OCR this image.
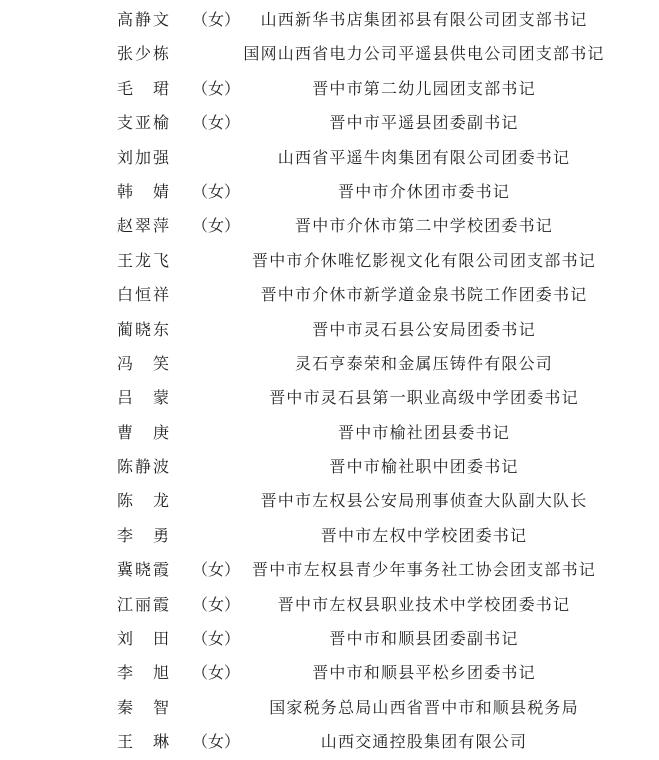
高静文 （女） 山西新华书店集团祁县有限公司团支部书记
张少栋	国网山西省电力公司平遥县供电公司团支部书记
毛　珺 （女）	晋中市第二幼儿园团支部书记
支亚榆 （女）	晋中市平遥县团委副书记
刘加强	山西省平遥牛肉集团有限公司团委书记
韩　婧 （女）	晋中市介休团市委书记
赵翠萍 （女）	晋中市介休市第二中学校团委书记
王龙飞	晋中市介休唯忆影视文化有限公司团支部书记
白恒祥	晋中市介休市新学道金泉书院工作团委书记
蔺晓东	晋中市灵石县公安局团委书记
冯　笑	灵石亨泰荣和金属压铸件有限公司
吕　蒙	晋中市灵石县第一职业高级中学团委书记
曹　庚	晋中市榆社团县委书记
陈静波	晋中市榆社职中团委书记
陈　龙	晋中市左权县公安局刑事侦查大队副大队长
李　勇	晋中市左权中学校团委书记
冀晓霞 （女） 晋中市左权县青少年事务社工协会团支部书记
江丽霞 （女） 晋中市左权县职业技术中学校团委书记
刘　田 （女）	晋中市和顺县团委副书记
李　旭 （女）	晋中市和顺县平松乡团委书记
秦　智	国家税务总局山西省晋中市和顺县税务局
王　琳 （女）	山西交通控股集团有限公司
